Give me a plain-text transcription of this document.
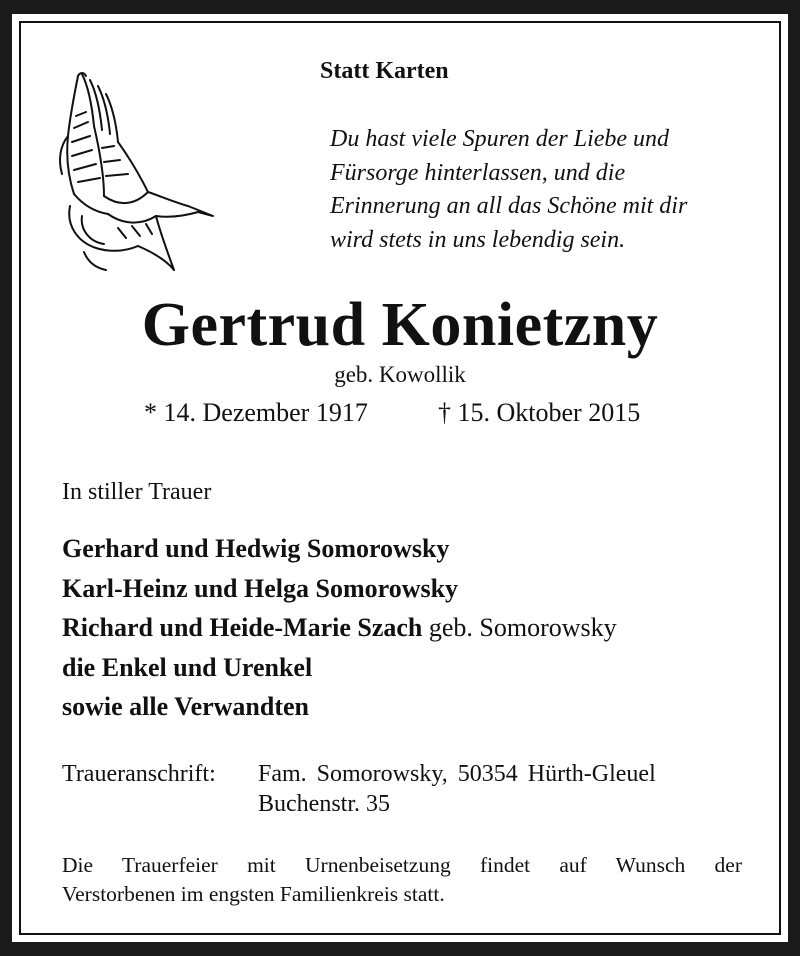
Statt Karten
Du hast viele Spuren der Liebe und
Fürsorge hinterlassen, und die
Erinnerung an all das Schöne mit dir
wird stets in uns lebendig sein.
Gertrud Konietzny
geb. Kowollik
* 14. Dezember 1917	† 15. Oktober 2015
In stiller Trauer
Gerhard und Hedwig Somorowsky
Karl-Heinz und Helga Somorowsky
Richard und Heide-Marie Szach geb. Somorowsky
die Enkel und Urenkel
sowie alle Verwandten
Traueranschrift: Fam. Somorowsky, 50354 Hürth-Gleuel
Buchenstr. 35
Die Trauerfeier mit Urnenbeisetzung findet auf Wunsch der
Verstorbenen im engsten Familienkreis statt.
